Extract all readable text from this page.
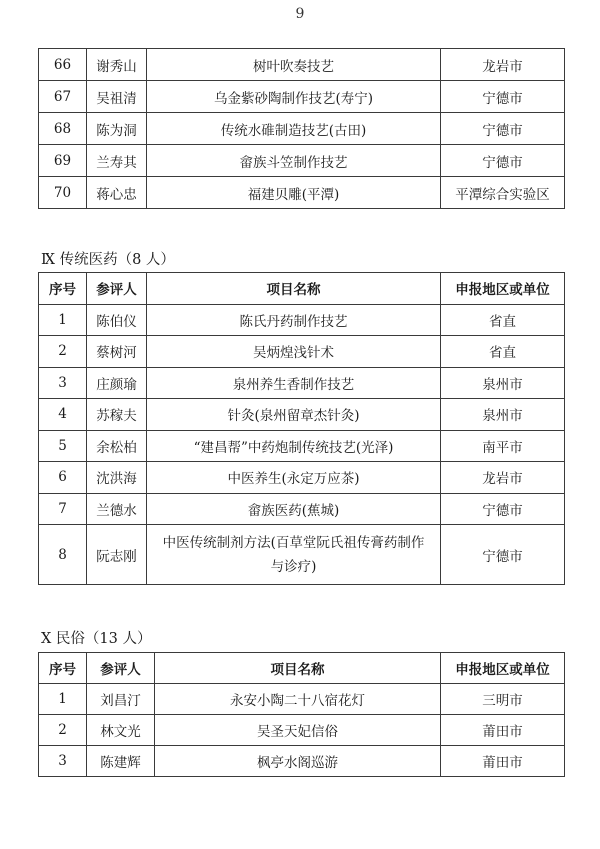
9
66	谢秀山	树叶吹奏技艺	龙岩市
67	吴祖清	乌金紫砂陶制作技艺(寿宁)	宁德市
68	陈为洞	传统水碓制造技艺(古田)	宁德市
69	兰寿其	畲族斗笠制作技艺	宁德市
70	蒋心忠	福建贝雕(平潭)	平潭综合实验区
Ⅸ 传统医药（8 人）
序号	参评人	项目名称	申报地区或单位
1	陈伯仪	陈氏丹药制作技艺	省直
2	蔡树河	吴炳煌浅针术	省直
3	庄颜瑜	泉州养生香制作技艺	泉州市
4	苏稼夫	针灸(泉州留章杰针灸)	泉州市
5	余松柏	“建昌帮”中药炮制传统技艺(光泽)	南平市
6	沈洪海	中医养生(永定万应茶)	龙岩市
7	兰德水	畲族医药(蕉城)	宁德市
8	阮志刚	中医传统制剂方法(百草堂阮氏祖传膏药制作与诊疗)	宁德市
Ⅹ 民俗（13 人）
序号	参评人	项目名称	申报地区或单位
1	刘昌汀	永安小陶二十八宿花灯	三明市
2	林文光	吴圣天妃信俗	莆田市
3	陈建辉	枫亭水阁巡游	莆田市
